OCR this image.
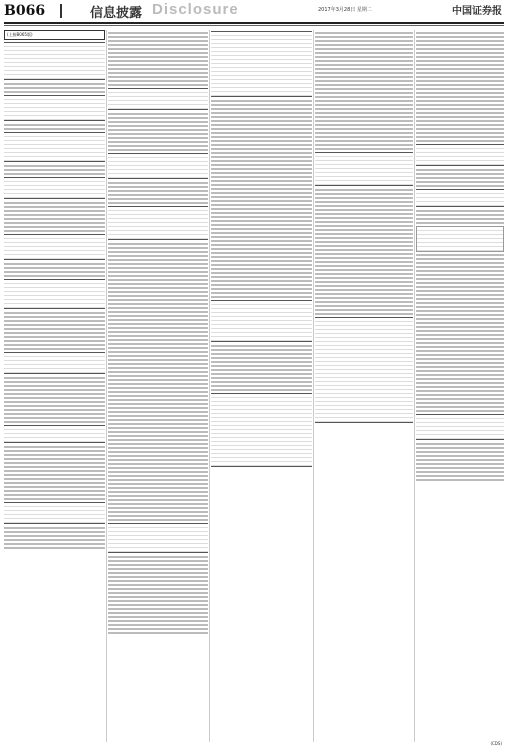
B066	信息披露 Disclosure	2017年3月28日 星期二	中国证券报
(上接B065版)
(CDS)
